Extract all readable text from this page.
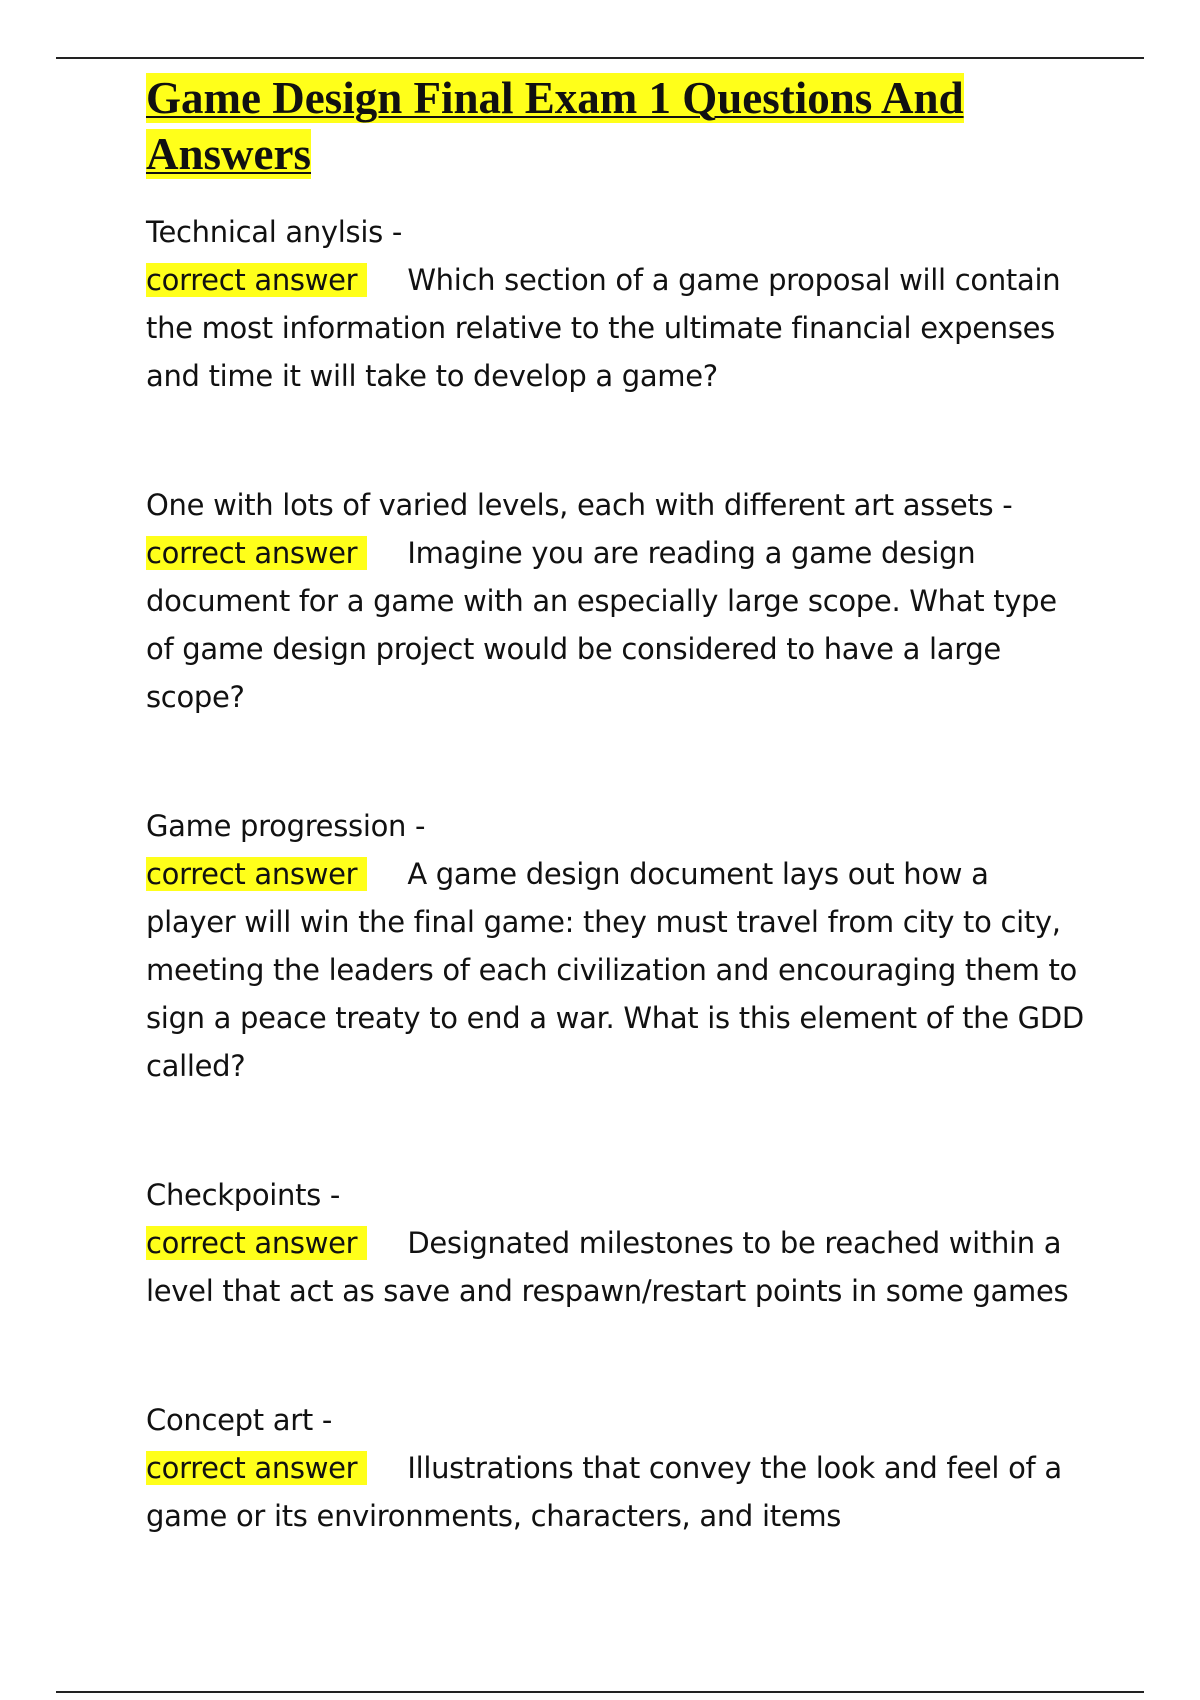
Game Design Final Exam 1 Questions And Answers

Technical anylsis -
correct answer Which section of a game proposal will contain the most information relative to the ultimate financial expenses and time it will take to develop a game?

One with lots of varied levels, each with different art assets -
correct answer Imagine you are reading a game design document for a game with an especially large scope. What type of game design project would be considered to have a large scope?

Game progression -
correct answer A game design document lays out how a player will win the final game: they must travel from city to city, meeting the leaders of each civilization and encouraging them to sign a peace treaty to end a war. What is this element of the GDD called?

Checkpoints -
correct answer Designated milestones to be reached within a level that act as save and respawn/restart points in some games

Concept art -
correct answer Illustrations that convey the look and feel of a game or its environments, characters, and items
